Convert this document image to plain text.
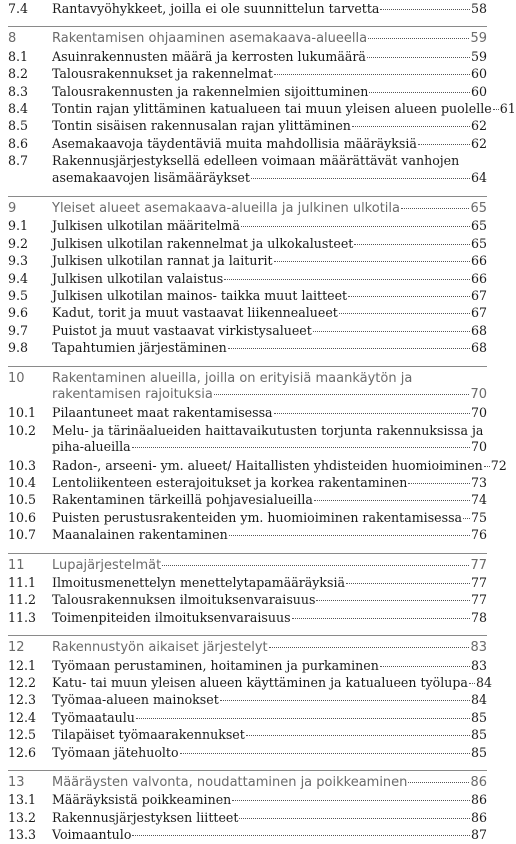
7.4 Rantavyöhykkeet, joilla ei ole suunnittelun tarvetta	58
8	Rakentamisen ohjaaminen asemakaava-alueella	59
8.1 Asuinrakennusten määrä ja kerrosten lukumäärä	59
8.2 Talousrakennukset ja rakennelmat	60
8.3 Talousrakennusten ja rakennelmien sijoittuminen	60
8.4 Tontin rajan ylittäminen katualueen tai muun yleisen alueen puolelle 61
8.5 Tontin sisäisen rakennusalan rajan ylittäminen	62
8.6 Asemakaavoja täydentäviä muita mahdollisia määräyksiä	62
8.7 Rakennusjärjestyksellä edelleen voimaan määrättävät vanhojen
asemakaavojen lisämääräykset	64
9	Yleiset alueet asemakaava-alueilla ja julkinen ulkotila	65
9.1 Julkisen ulkotilan määritelmä	65
9.2 Julkisen ulkotilan rakennelmat ja ulkokalusteet	65
9.3 Julkisen ulkotilan rannat ja laiturit	66
9.4 Julkisen ulkotilan valaistus	66
9.5 Julkisen ulkotilan mainos- taikka muut laitteet	67
9.6 Kadut, torit ja muut vastaavat liikennealueet	67
9.7 Puistot ja muut vastaavat virkistysalueet	68
9.8 Tapahtumien järjestäminen	68
10 Rakentaminen alueilla, joilla on erityisiä maankäytön ja
rakentamisen rajoituksia	70
10.1 Pilaantuneet maat rakentamisessa	70
10.2 Melu- ja tärinäalueiden haittavaikutusten torjunta rakennuksissa ja
piha-alueilla	70
10.3 Radon-, arseeni- ym. alueet/ Haitallisten yhdisteiden huomioiminen 72
10.4 Lentoliikenteen esterajoitukset ja korkea rakentaminen	73
10.5 Rakentaminen tärkeillä pohjavesialueilla	74
10.6 Puisten perustusrakenteiden ym. huomioiminen rakentamisessa 75
10.7 Maanalainen rakentaminen	76
11 Lupajärjestelmät	77
11.1 Ilmoitusmenettelyn menettelytapamääräyksiä	77
11.2 Talousrakennuksen ilmoituksenvaraisuus	77
11.3 Toimenpiteiden ilmoituksenvaraisuus	78
12 Rakennustyön aikaiset järjestelyt	83
12.1 Työmaan perustaminen, hoitaminen ja purkaminen	83
12.2 Katu- tai muun yleisen alueen käyttäminen ja katualueen työlupa 84
12.3 Työmaa-alueen mainokset	84
12.4 Työmaataulu	85
12.5 Tilapäiset työmaarakennukset	85
12.6 Työmaan jätehuolto	85
13 Määräysten valvonta, noudattaminen ja poikkeaminen	86
13.1 Määräyksistä poikkeaminen	86
13.2 Rakennusjärjestyksen liitteet	86
13.3 Voimaantulo	87
